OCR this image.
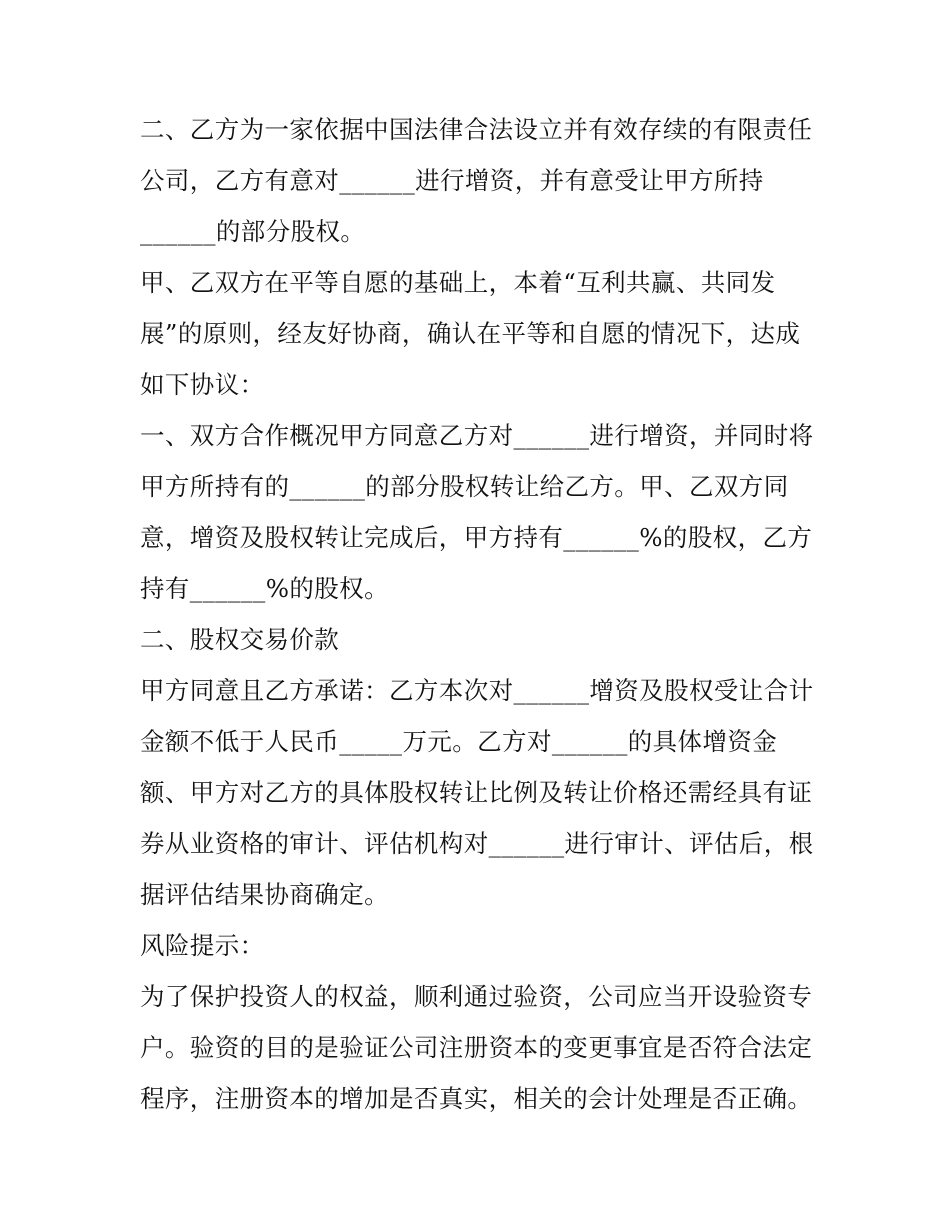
二、乙方为一家依据中国法律合法设立并有效存续的有限责任
公司，乙方有意对______进行增资，并有意受让甲方所持
______的部分股权。
甲、乙双方在平等自愿的基础上，本着“互利共赢、共同发
展”的原则，经友好协商，确认在平等和自愿的情况下，达成
如下协议：
一、双方合作概况甲方同意乙方对______进行增资，并同时将
甲方所持有的______的部分股权转让给乙方。甲、乙双方同
意，增资及股权转让完成后，甲方持有______%的股权，乙方
持有______%的股权。
二、股权交易价款
甲方同意且乙方承诺：乙方本次对______增资及股权受让合计
金额不低于人民币_____万元。乙方对______的具体增资金
额、甲方对乙方的具体股权转让比例及转让价格还需经具有证
券从业资格的审计、评估机构对______进行审计、评估后，根
据评估结果协商确定。
风险提示：
为了保护投资人的权益，顺利通过验资，公司应当开设验资专
户。验资的目的是验证公司注册资本的变更事宜是否符合法定
程序，注册资本的增加是否真实，相关的会计处理是否正确。
